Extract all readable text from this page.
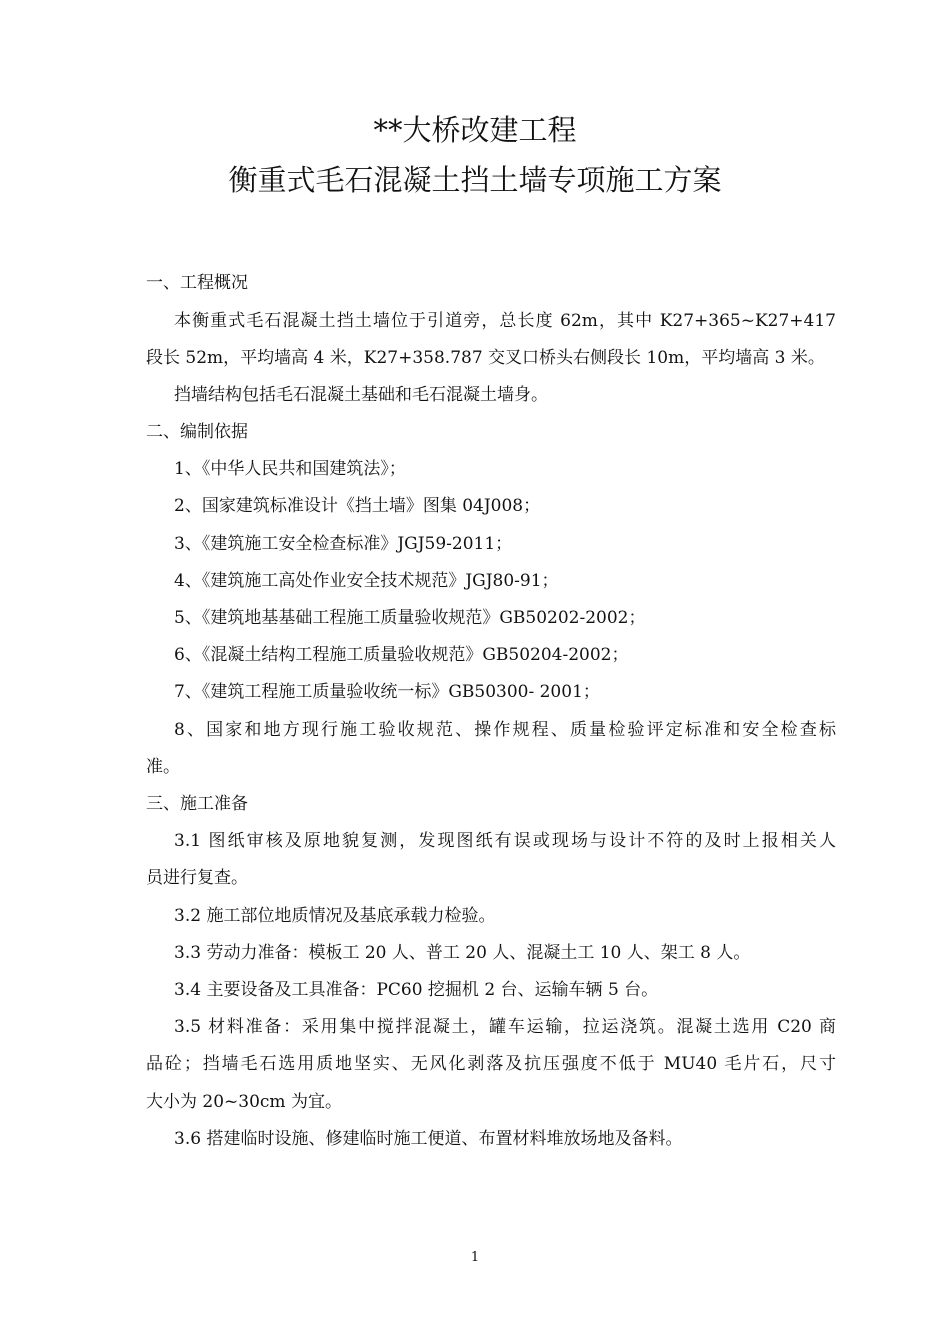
**大桥改建工程
衡重式毛石混凝土挡土墙专项施工方案
一、工程概况
本衡重式毛石混凝土挡土墙位于引道旁，总长度 62m，其中 K27+365~K27+417
段长 52m，平均墙高 4 米，K27+358.787 交叉口桥头右侧段长 10m，平均墙高 3 米。
挡墙结构包括毛石混凝土基础和毛石混凝土墙身。
二、编制依据
1、《中华人民共和国建筑法》；
2、国家建筑标准设计《挡土墙》图集 04J008；
3、《建筑施工安全检查标准》JGJ59-2011；
4、《建筑施工高处作业安全技术规范》JGJ80-91；
5、《建筑地基基础工程施工质量验收规范》GB50202-2002；
6、《混凝土结构工程施工质量验收规范》GB50204-2002；
7、《建筑工程施工质量验收统一标》GB50300- 2001；
8、国家和地方现行施工验收规范、操作规程、质量检验评定标准和安全检查标
准。
三、施工准备
3.1 图纸审核及原地貌复测，发现图纸有误或现场与设计不符的及时上报相关人
员进行复查。
3.2 施工部位地质情况及基底承载力检验。
3.3 劳动力准备：模板工 20 人、普工 20 人、混凝土工 10 人、架工 8 人。
3.4 主要设备及工具准备：PC60 挖掘机 2 台、运输车辆 5 台。
3.5 材料准备：采用集中搅拌混凝土，罐车运输，拉运浇筑。混凝土选用 C20 商
品砼；挡墙毛石选用质地坚实、无风化剥落及抗压强度不低于 MU40 毛片石，尺寸
大小为 20~30cm 为宜。
3.6 搭建临时设施、修建临时施工便道、布置材料堆放场地及备料。
1
